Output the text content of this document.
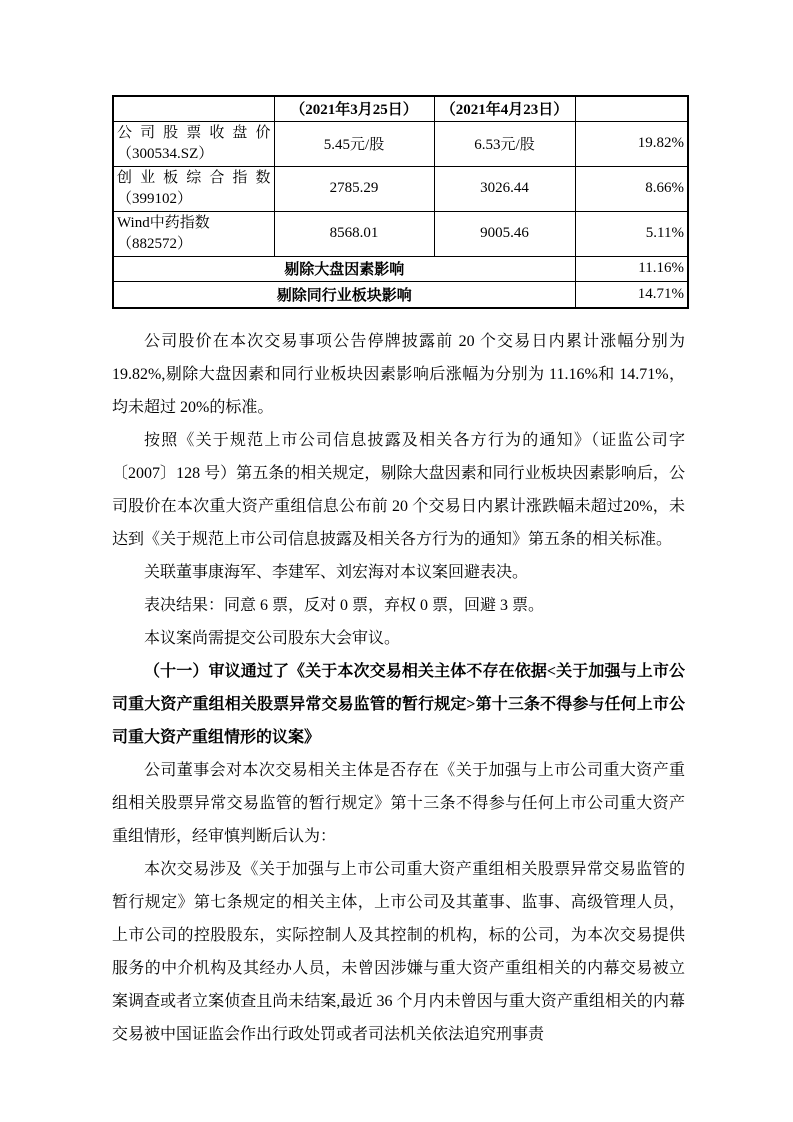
	（2021年3月25日）	（2021年4月23日）	

公司股票收盘价
（300534.SZ）	5.45元/股	6.53元/股	19.82%

创业板综合指数
（399102）	2785.29	3026.44	8.66%
Wind中药指数（882572）	8568.01	9005.46	5.11%
剔除大盘因素影响			11.16%
剔除同行业板块影响			14.71%

公司股价在本次交易事项公告停牌披露前 20 个交易日内累计涨幅分别为19.82%,剔除大盘因素和同行业板块因素影响后涨幅为分别为 11.16%和 14.71%，均未超过 20%的标准。

按照《关于规范上市公司信息披露及相关各方行为的通知》（证监公司字〔2007〕128 号）第五条的相关规定，剔除大盘因素和同行业板块因素影响后，公司股价在本次重大资产重组信息公布前 20 个交易日内累计涨跌幅未超过20%，未达到《关于规范上市公司信息披露及相关各方行为的通知》第五条的相关标准。

关联董事康海军、李建军、刘宏海对本议案回避表决。

表决结果：同意 6 票，反对 0 票，弃权 0 票，回避 3 票。

本议案尚需提交公司股东大会审议。

（十一）审议通过了《关于本次交易相关主体不存在依据<关于加强与上市公司重大资产重组相关股票异常交易监管的暂行规定>第十三条不得参与任何上市公司重大资产重组情形的议案》

公司董事会对本次交易相关主体是否存在《关于加强与上市公司重大资产重组相关股票异常交易监管的暂行规定》第十三条不得参与任何上市公司重大资产重组情形，经审慎判断后认为：

本次交易涉及《关于加强与上市公司重大资产重组相关股票异常交易监管的暂行规定》第七条规定的相关主体，上市公司及其董事、监事、高级管理人员，上市公司的控股股东，实际控制人及其控制的机构，标的公司，为本次交易提供服务的中介机构及其经办人员，未曾因涉嫌与重大资产重组相关的内幕交易被立案调查或者立案侦查且尚未结案,最近 36 个月内未曾因与重大资产重组相关的内幕交易被中国证监会作出行政处罚或者司法机关依法追究刑事责
